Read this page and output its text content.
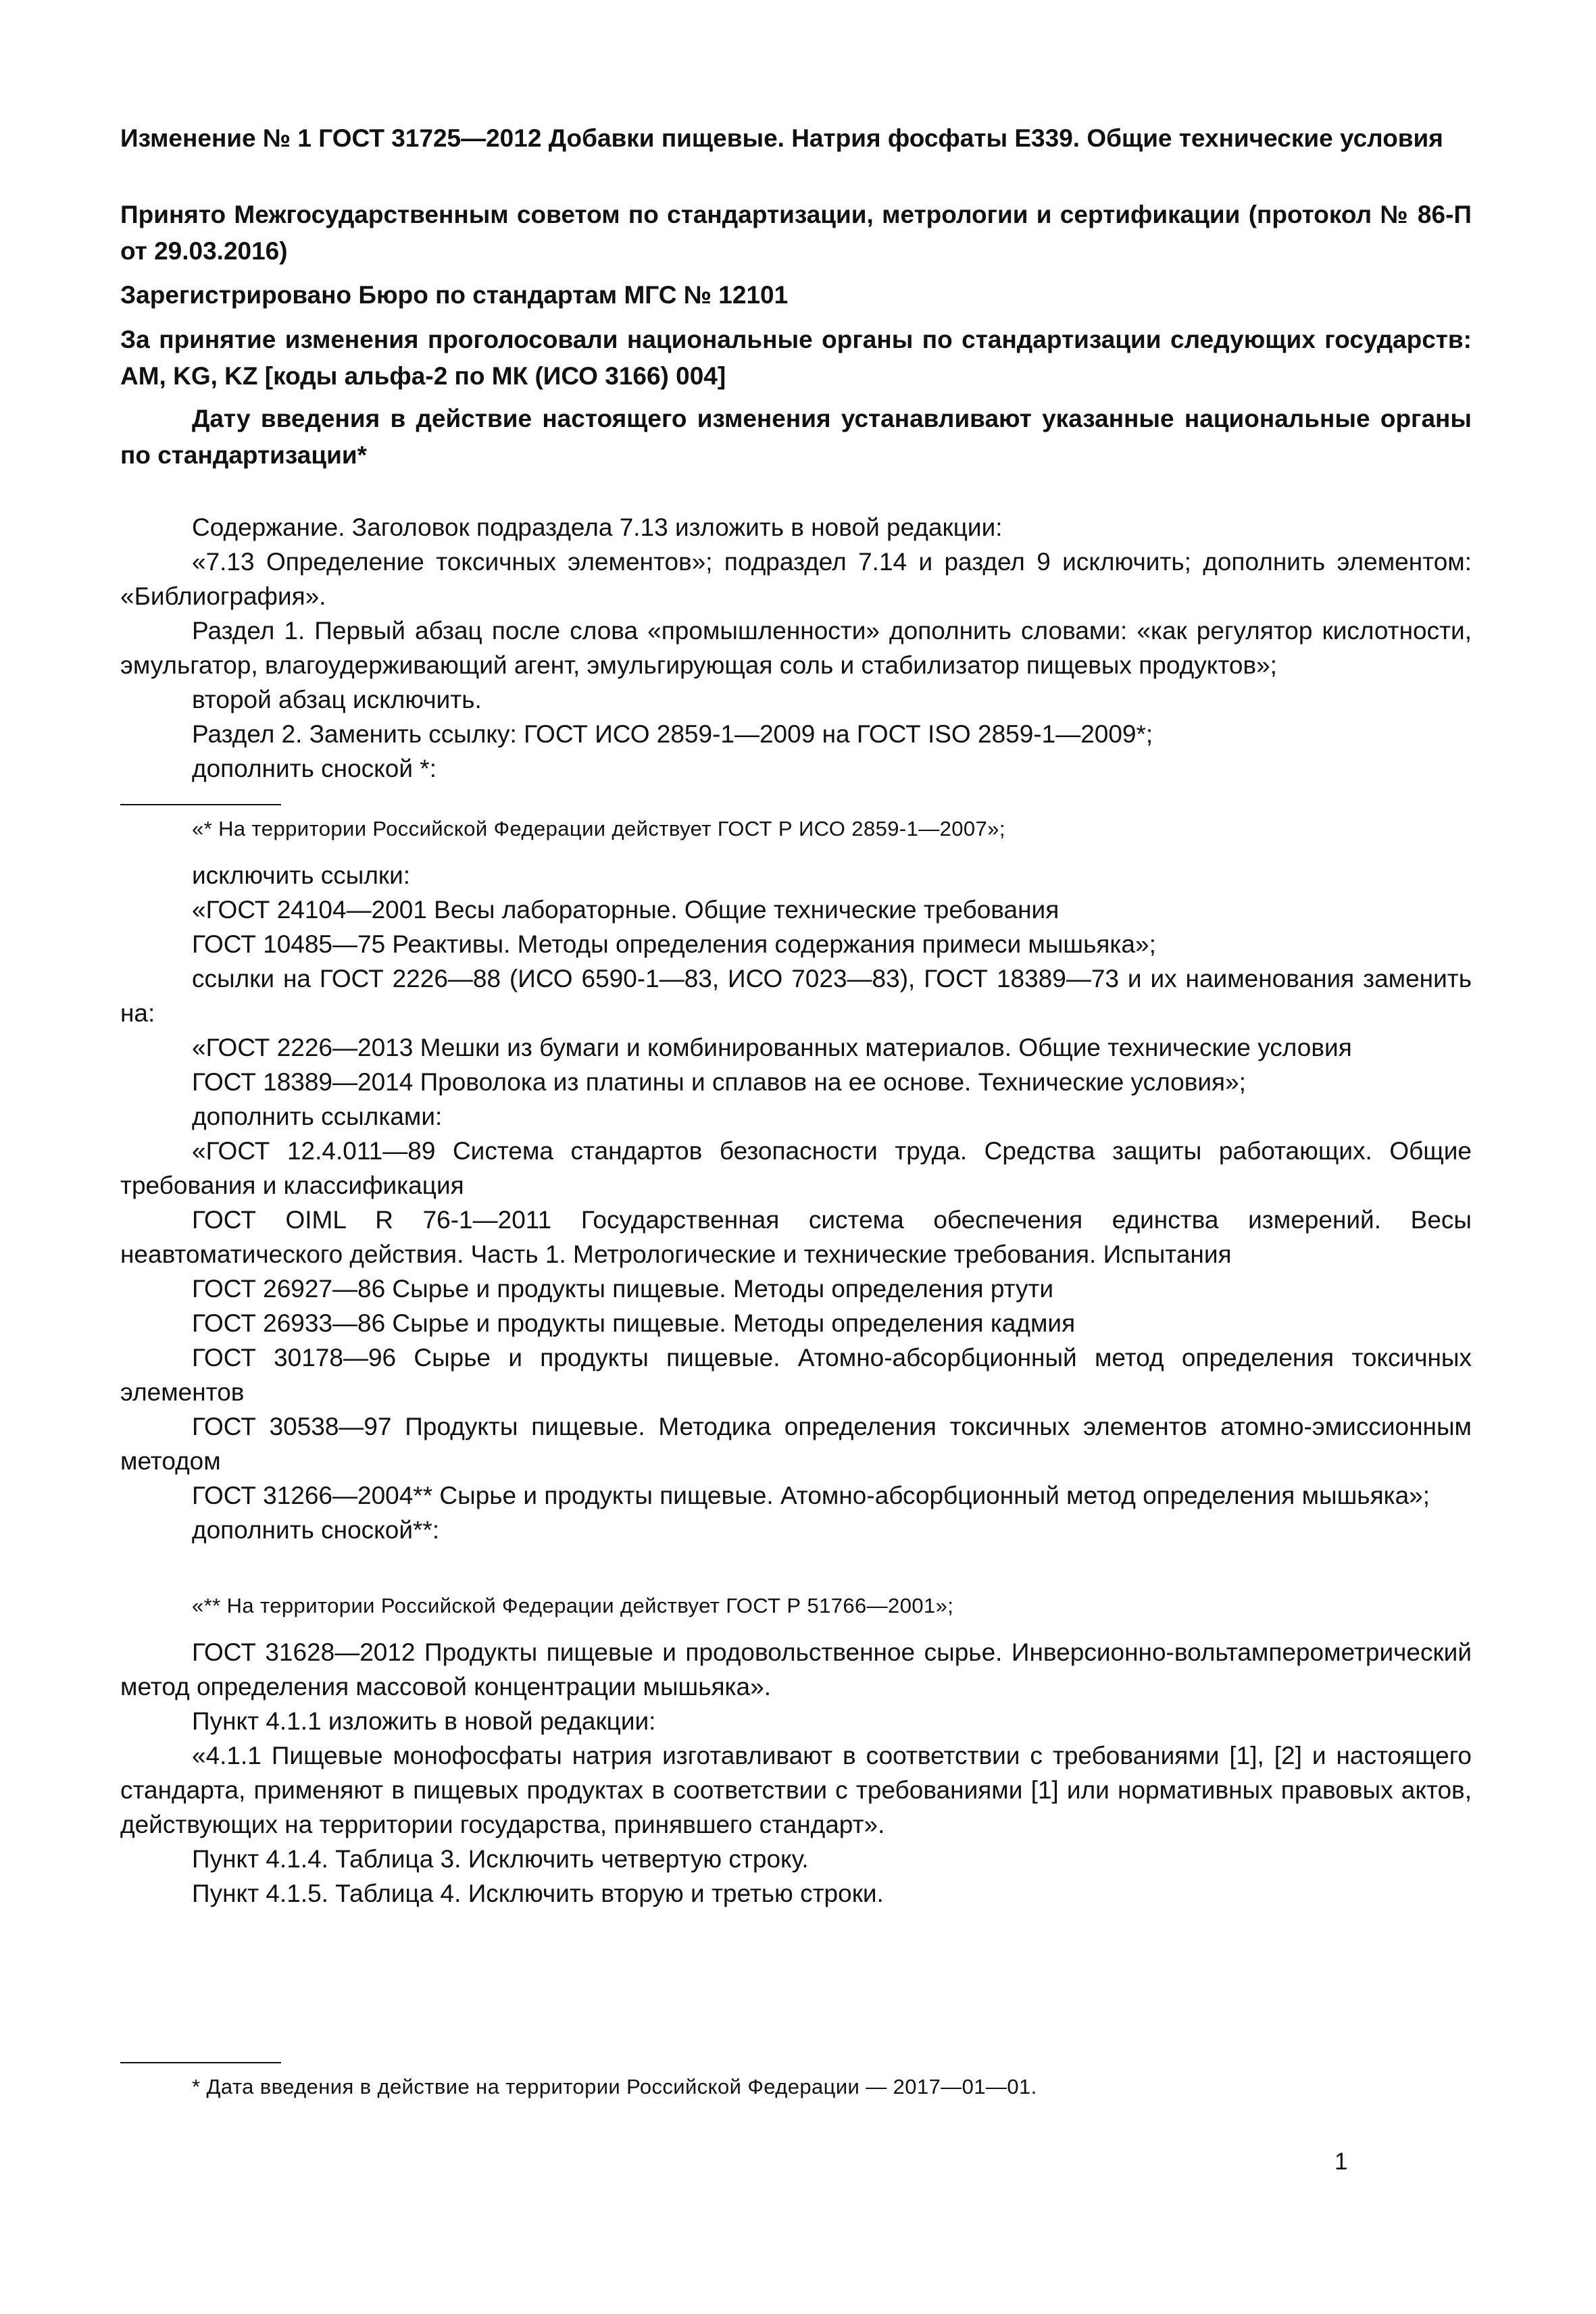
Изменение № 1 ГОСТ 31725—2012 Добавки пищевые. Натрия фосфаты Е339. Общие технические условия
Принято Межгосударственным советом по стандартизации, метрологии и сертификации (протокол № 86-П от 29.03.2016)
Зарегистрировано Бюро по стандартам МГС № 12101
За принятие изменения проголосовали национальные органы по стандартизации следующих государств: AM, KG, KZ [коды альфа-2 по МК (ИСО 3166) 004]
Дату введения в действие настоящего изменения устанавливают указанные национальные органы по стандартизации*

Содержание. Заголовок подраздела 7.13 изложить в новой редакции:

«7.13 Определение токсичных элементов»; подраздел 7.14 и раздел 9 исключить; дополнить элементом: «Библиография».

Раздел 1. Первый абзац после слова «промышленности» дополнить словами: «как регулятор кислотности, эмульгатор, влагоудерживающий агент, эмульгирующая соль и стабилизатор пищевых продуктов»;

второй абзац исключить.

Раздел 2. Заменить ссылку: ГОСТ ИСО 2859-1—2009 на ГОСТ ISO 2859-1—2009*;

дополнить сноской *:

«* На территории Российской Федерации действует ГОСТ Р ИСО 2859-1—2007»;

исключить ссылки:

«ГОСТ 24104—2001 Весы лабораторные. Общие технические требования

ГОСТ 10485—75 Реактивы. Методы определения содержания примеси мышьяка»;

ссылки на ГОСТ 2226—88 (ИСО 6590-1—83, ИСО 7023—83), ГОСТ 18389—73 и их наименования заменить на:

«ГОСТ 2226—2013 Мешки из бумаги и комбинированных материалов. Общие технические условия

ГОСТ 18389—2014 Проволока из платины и сплавов на ее основе. Технические условия»;

дополнить ссылками:

«ГОСТ 12.4.011—89 Система стандартов безопасности труда. Средства защиты работающих. Общие требования и классификация

ГОСТ OIML R 76-1—2011 Государственная система обеспечения единства измерений. Весы неавтоматического действия. Часть 1. Метрологические и технические требования. Испытания

ГОСТ 26927—86 Сырье и продукты пищевые. Методы определения ртути

ГОСТ 26933—86 Сырье и продукты пищевые. Методы определения кадмия

ГОСТ 30178—96 Сырье и продукты пищевые. Атомно-абсорбционный метод определения токсичных элементов

ГОСТ 30538—97 Продукты пищевые. Методика определения токсичных элементов атомно-эмиссионным методом

ГОСТ 31266—2004** Сырье и продукты пищевые. Атомно-абсорбционный метод определения мышьяка»;

дополнить сноской**:

«** На территории Российской Федерации действует ГОСТ Р 51766—2001»;

ГОСТ 31628—2012 Продукты пищевые и продовольственное сырье. Инверсионно-вольтамперометрический метод определения массовой концентрации мышьяка».

Пункт 4.1.1 изложить в новой редакции:

«4.1.1 Пищевые монофосфаты натрия изготавливают в соответствии с требованиями [1], [2] и настоящего стандарта, применяют в пищевых продуктах в соответствии с требованиями [1] или нормативных правовых актов, действующих на территории государства, принявшего стандарт».

Пункт 4.1.4. Таблица 3. Исключить четвертую строку.

Пункт 4.1.5. Таблица 4. Исключить вторую и третью строки.

* Дата введения в действие на территории Российской Федерации — 2017—01—01.
1
